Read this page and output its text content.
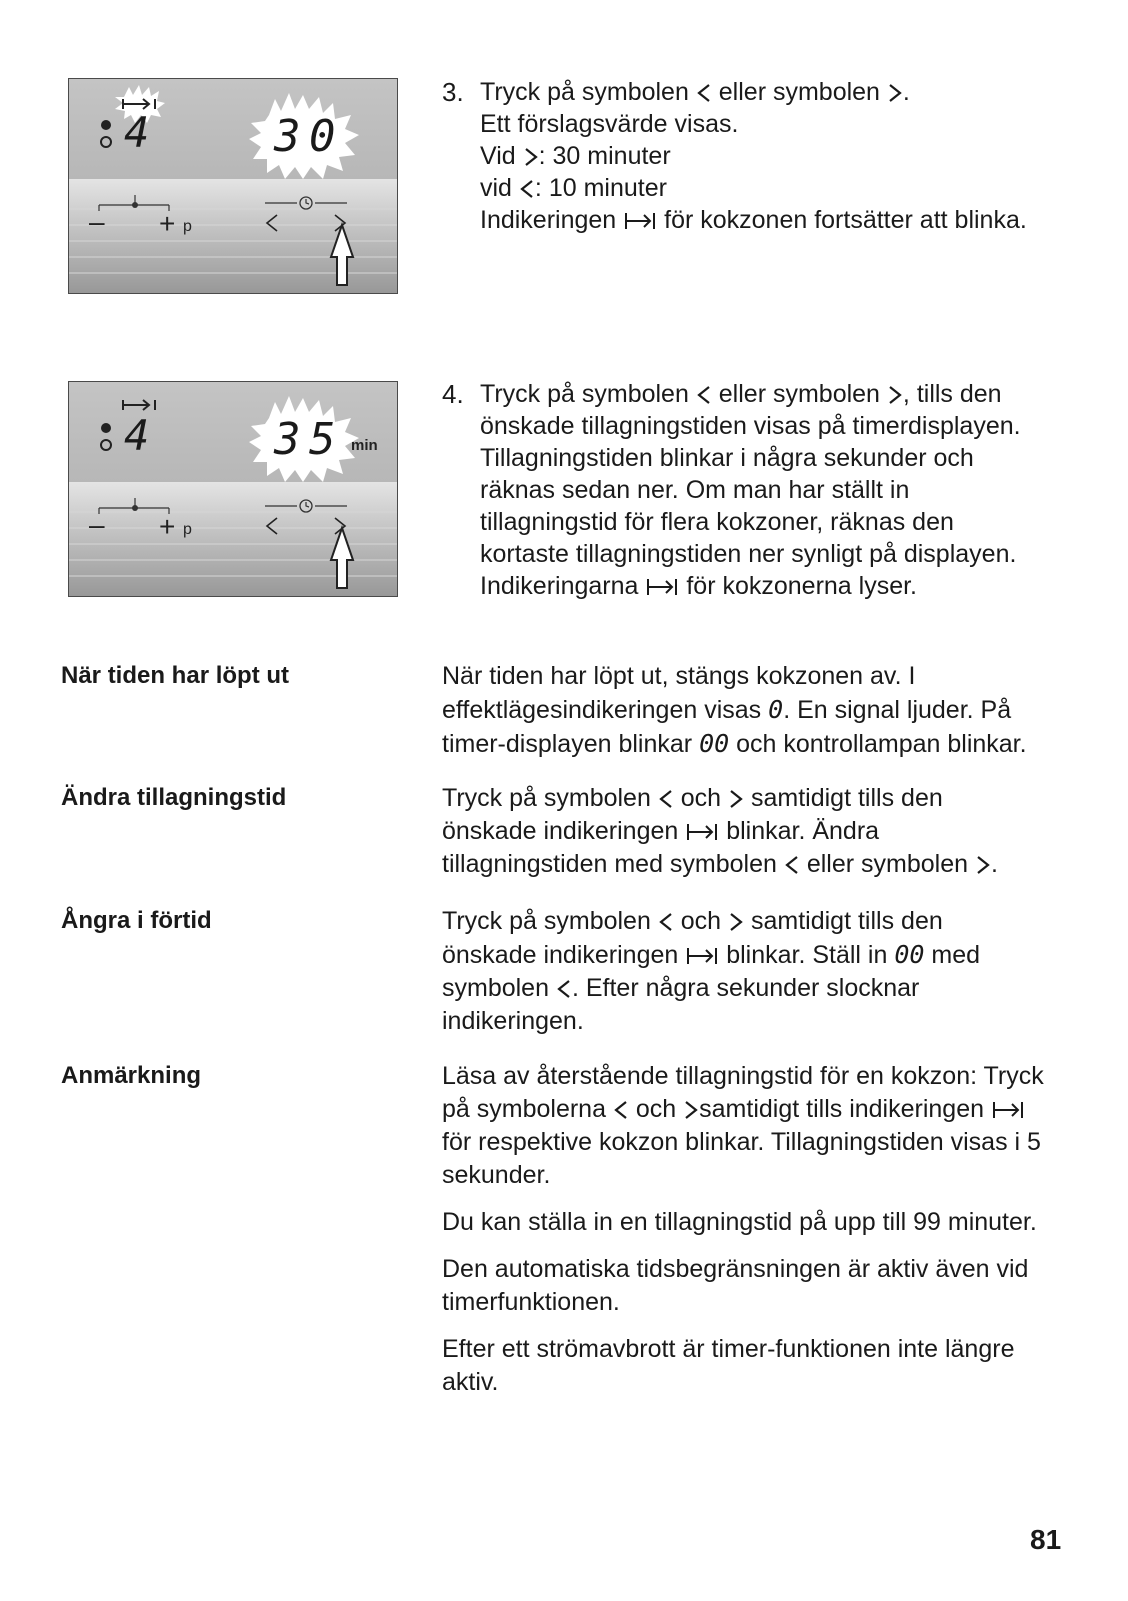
4	3 0
– + p
4	3 5 min
– + p
3. Tryck på symbolen eller symbolen .
Ett förslagsvärde visas.
Vid : 30 minuter
vid : 10 minuter
Indikeringen för kokzonen fortsätter att blinka.
4. Tryck på symbolen eller symbolen , tills den
önskade tillagningstiden visas på timerdisplayen.
Tillagningstiden blinkar i några sekunder och
räknas sedan ner. Om man har ställt in
tillagningstid för flera kokzoner, räknas den
kortaste tillagningstiden ner synligt på displayen.
Indikeringarna för kokzonerna lyser.
När tiden har löpt ut	När tiden har löpt ut, stängs kokzonen av. I
effektlägesindikeringen visas 0. En signal ljuder. På
timer-displayen blinkar 00 och kontrollampan blinkar.
Ändra tillagningstid	Tryck på symbolen och samtidigt tills den
önskade indikeringen blinkar. Ändra
tillagningstiden med symbolen eller symbolen .
Ångra i förtid	Tryck på symbolen och samtidigt tills den
önskade indikeringen blinkar. Ställ in 00 med
symbolen . Efter några sekunder slocknar
indikeringen.
Anmärkning	Läsa av återstående tillagningstid för en kokzon: Tryck
på symbolerna och samtidigt tills indikeringen
för respektive kokzon blinkar. Tillagningstiden visas i 5
sekunder.
Du kan ställa in en tillagningstid på upp till 99 minuter.
Den automatiska tidsbegränsningen är aktiv även vid
timerfunktionen.
Efter ett strömavbrott är timer-funktionen inte längre
aktiv.
81
